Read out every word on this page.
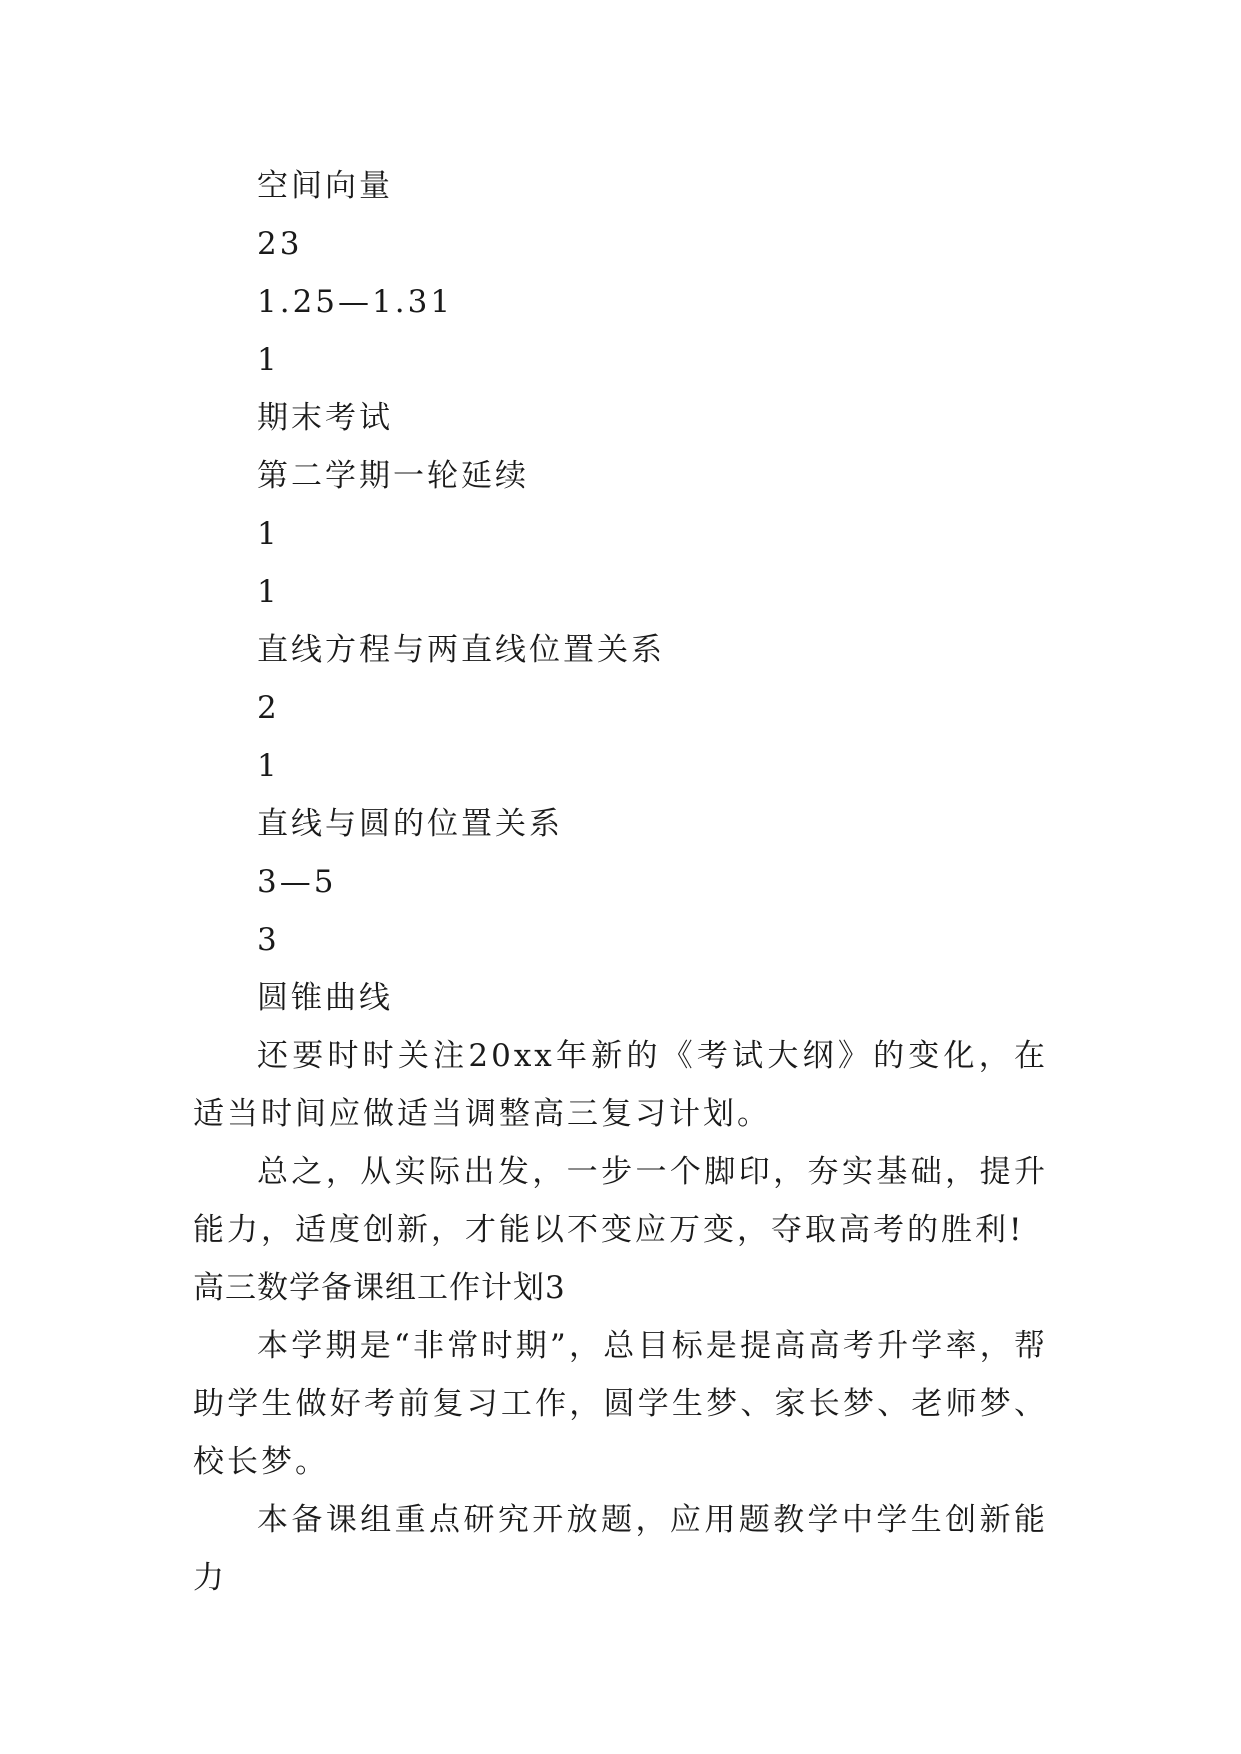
空间向量
23
1.25—1.31
1
期末考试
第二学期一轮延续
1
1
直线方程与两直线位置关系
2
1
直线与圆的位置关系
3—5
3
圆锥曲线
还要时时关注20xx年新的《考试大纲》的变化，在适当时间应做适当调整高三复习计划。
总之，从实际出发，一步一个脚印，夯实基础，提升能力，适度创新，才能以不变应万变，夺取高考的胜利!
高三数学备课组工作计划3
本学期是“非常时期”，总目标是提高高考升学率，帮助学生做好考前复习工作，圆学生梦、家长梦、老师梦、校长梦。
本备课组重点研究开放题，应用题教学中学生创新能力
